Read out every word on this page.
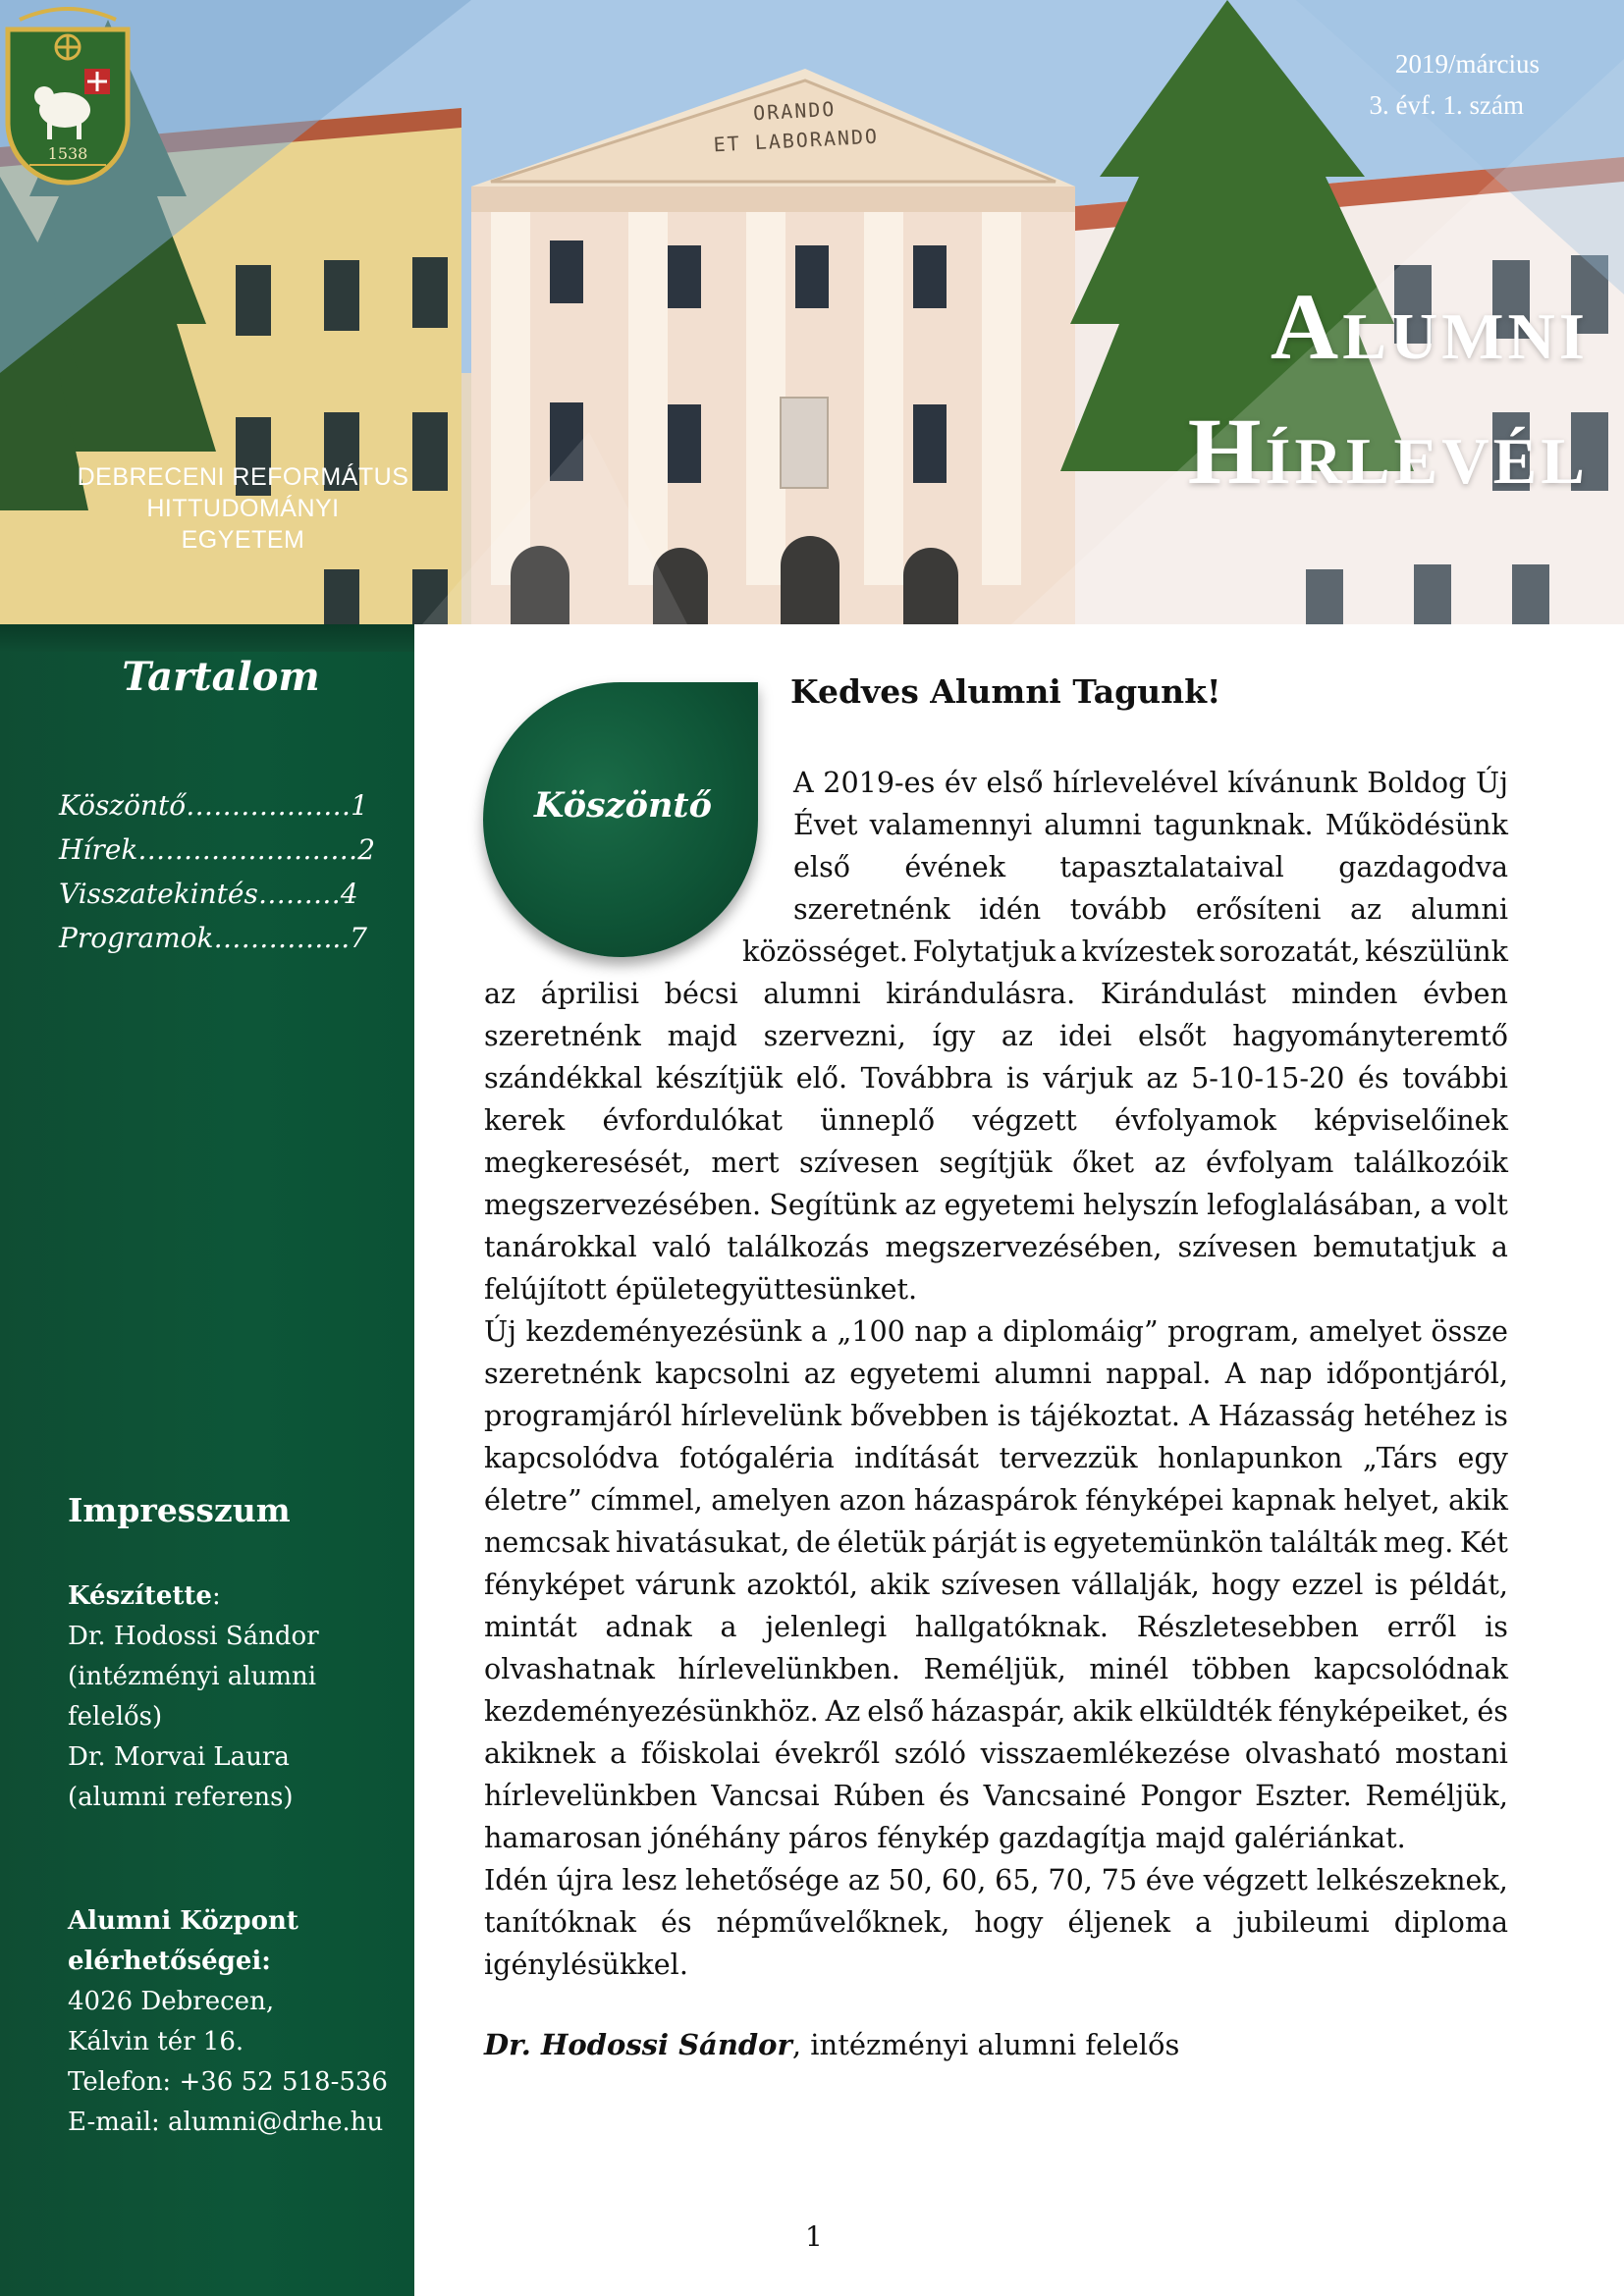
ORANDO
ET LABORANDO
1538
DEBRECENI REFORMÁTUS
HITTUDOMÁNYI
EGYETEM
2019/március
3. évf. 1. szám
Alumni
Hírlevél
Tartalom
Köszöntő………………1
Hírek……………………2
Visszatekintés………4
Programok…………...7
Impresszum
Készítette:
Dr. Hodossi Sándor
(intézményi alumni
felelős)
Dr. Morvai Laura
(alumni referens)
Alumni Központ
elérhetőségei:
4026 Debrecen,
Kálvin tér 16.
Telefon: +36 52 518-536
E-mail: alumni@drhe.hu
Köszöntő
Kedves Alumni Tagunk!
A 2019-es év első hírlevelével kívánunk Boldog Új
Évet valamennyi alumni tagunknak. Működésünk
első évének tapasztalataival gazdagodva
szeretnénk idén tovább erősíteni az alumni
közösséget. Folytatjuk a kvízestek sorozatát, készülünk
az áprilisi bécsi alumni kirándulásra. Kirándulást minden évben
szeretnénk majd szervezni, így az idei elsőt hagyományteremtő
szándékkal készítjük elő. Továbbra is várjuk az 5-10-15-20 és további
kerek évfordulókat ünneplő végzett évfolyamok képviselőinek
megkeresését, mert szívesen segítjük őket az évfolyam találkozóik
megszervezésében. Segítünk az egyetemi helyszín lefoglalásában, a volt
tanárokkal való találkozás megszervezésében, szívesen bemutatjuk a
felújított épületegyüttesünket.
Új kezdeményezésünk a „100 nap a diplomáig” program, amelyet össze
szeretnénk kapcsolni az egyetemi alumni nappal. A nap időpontjáról,
programjáról hírlevelünk bővebben is tájékoztat. A Házasság hetéhez is
kapcsolódva fotógaléria indítását tervezzük honlapunkon „Társ egy
életre” címmel, amelyen azon házaspárok fényképei kapnak helyet, akik
nemcsak hivatásukat, de életük párját is egyetemünkön találták meg. Két
fényképet várunk azoktól, akik szívesen vállalják, hogy ezzel is példát,
mintát adnak a jelenlegi hallgatóknak. Részletesebben erről is
olvashatnak hírlevelünkben. Reméljük, minél többen kapcsolódnak
kezdeményezésünkhöz. Az első házaspár, akik elküldték fényképeiket, és
akiknek a főiskolai évekről szóló visszaemlékezése olvasható mostani
hírlevelünkben Vancsai Rúben és Vancsainé Pongor Eszter. Reméljük,
hamarosan jónéhány páros fénykép gazdagítja majd galériánkat.
Idén újra lesz lehetősége az 50, 60, 65, 70, 75 éve végzett lelkészeknek,
tanítóknak és népművelőknek, hogy éljenek a jubileumi diploma
igénylésükkel.
Dr. Hodossi Sándor, intézményi alumni felelős
1
